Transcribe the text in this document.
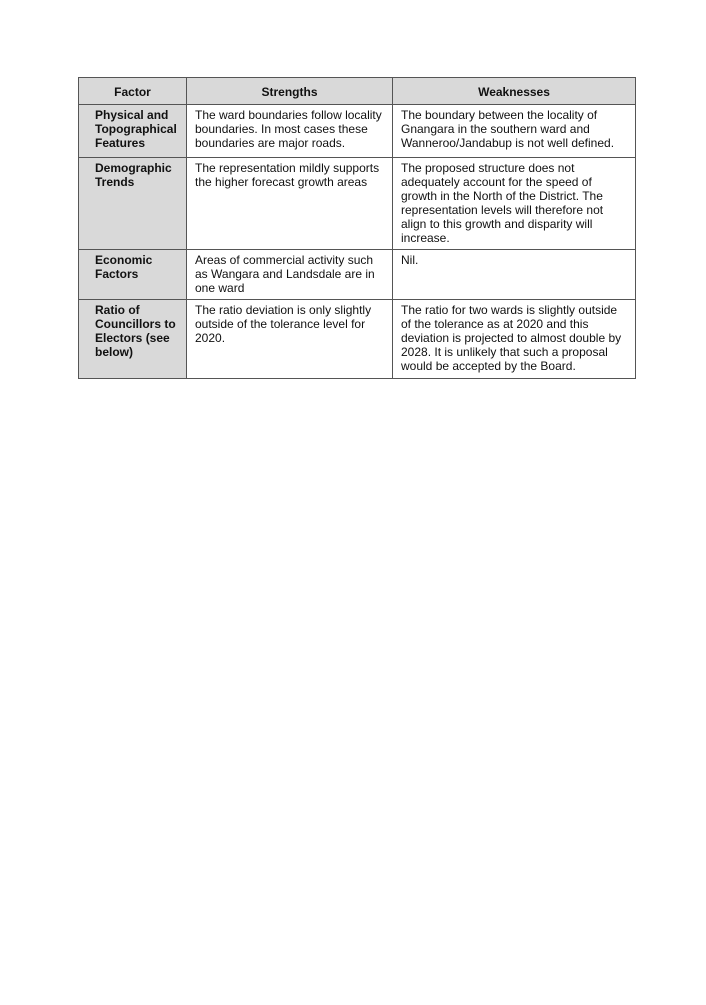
Factor	Strengths	Weaknesses
Physical and Topographical Features	The ward boundaries follow locality boundaries. In most cases these boundaries are major roads.	The boundary between the locality of Gnangara in the southern ward and Wanneroo/Jandabup is not well defined.
Demographic Trends	The representation mildly supports the higher forecast growth areas	The proposed structure does not adequately account for the speed of growth in the North of the District. The representation levels will therefore not align to this growth and disparity will increase.
Economic Factors	Areas of commercial activity such as Wangara and Landsdale are in one ward	Nil.
Ratio of Councillors to Electors (see below)	The ratio deviation is only slightly outside of the tolerance level for 2020.	The ratio for two wards is slightly outside of the tolerance as at 2020 and this deviation is projected to almost double by 2028. It is unlikely that such a proposal would be accepted by the Board.
